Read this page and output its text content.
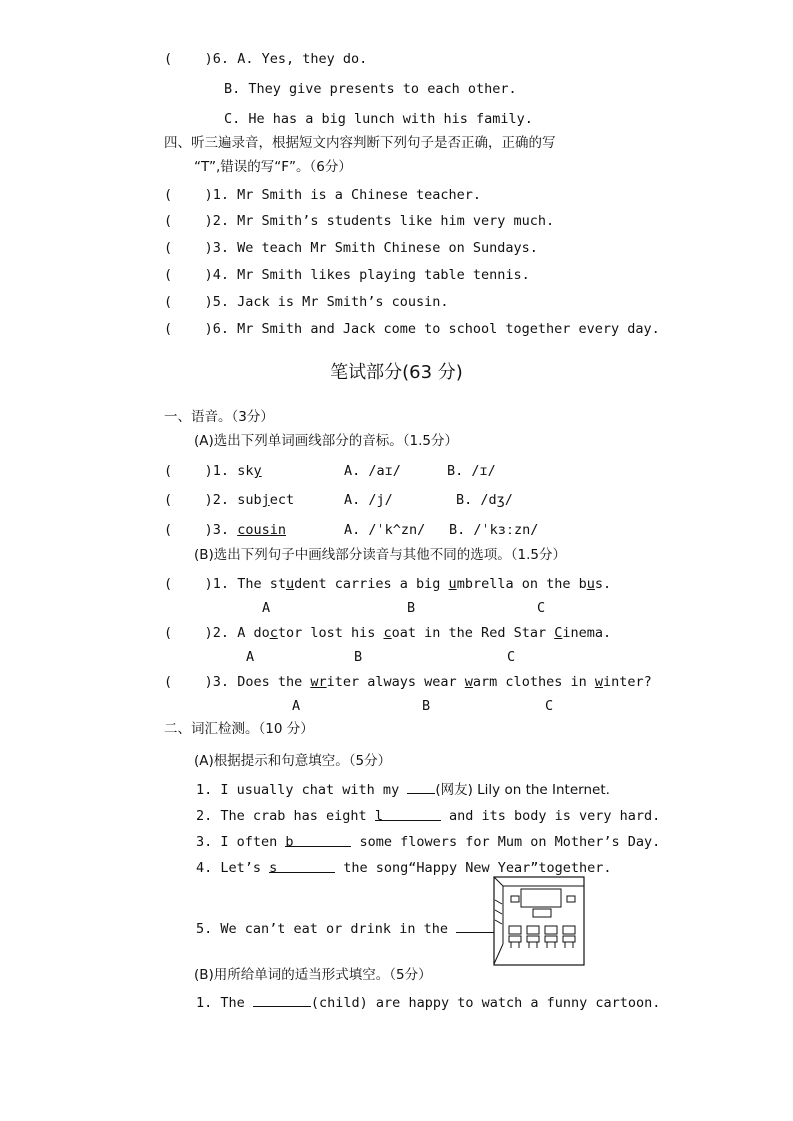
(    )6. A. Yes, they do.
B. They give presents to each other.
C. He has a big lunch with his family.
四、听三遍录音，根据短文内容判断下列句子是否正确，正确的写
“T”,错误的写“F”。（6分）
(    )1. Mr Smith is a Chinese teacher.
(    )2. Mr Smith’s students like him very much.
(    )3. We teach Mr Smith Chinese on Sundays.
(    )4. Mr Smith likes playing table tennis.
(    )5. Jack is Mr Smith’s cousin.
(    )6. Mr Smith and Jack come to school together every day.
笔试部分(63 分)
一、语音。（3分）
(A)选出下列单词画线部分的音标。（1.5分）
(    )1. sky	A. /aɪ/	B. /ɪ/
(    )2. subject	A. /j/	B. /dʒ/
(    )3. cousin	A. /ˈk^zn/ B. /ˈkɜːzn/
(B)选出下列句子中画线部分读音与其他不同的选项。（1.5分）
(    )1. The student carries a big umbrella on the bus.
A	B	C
(    )2. A doctor lost his coat in the Red Star Cinema.
A	B	C
(    )3. Does the writer always wear warm clothes in winter?
A	B	C
二、词汇检测。（10 分）
(A)根据提示和句意填空。（5分）
1. I usually chat with my (网友) Lily on the Internet.
2. The crab has eight l	and its body is very hard.
3. I often b	some flowers for Mum on Mother’s Day.
4. Let’s s	the song“Happy New Year”together.
5. We can’t eat or drink in the
(B)用所给单词的适当形式填空。（5分）
1. The	(child) are happy to watch a funny cartoon.
